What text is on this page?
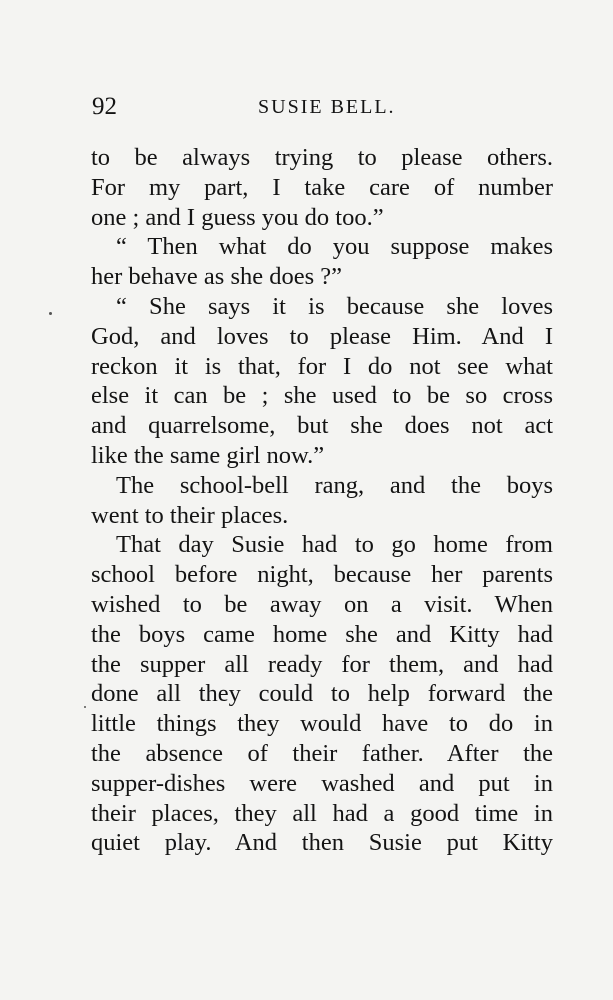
92	SUSIE BELL.
to be always trying to please others.
For my part, I take care of number
one ; and I guess you do too.”
“ Then what do you suppose makes
her behave as she does ?”
“ She says it is because she loves
God, and loves to please Him. And I
reckon it is that, for I do not see what
else it can be ; she used to be so cross
and quarrelsome, but she does not act
like the same girl now.”
The school-bell rang, and the boys
went to their places.
That day Susie had to go home from
school before night, because her parents
wished to be away on a visit. When
the boys came home she and Kitty had
the supper all ready for them, and had
done all they could to help forward the
little things they would have to do in
the absence of their father. After the
supper-dishes were washed and put in
their places, they all had a good time in
quiet play. And then Susie put Kitty
